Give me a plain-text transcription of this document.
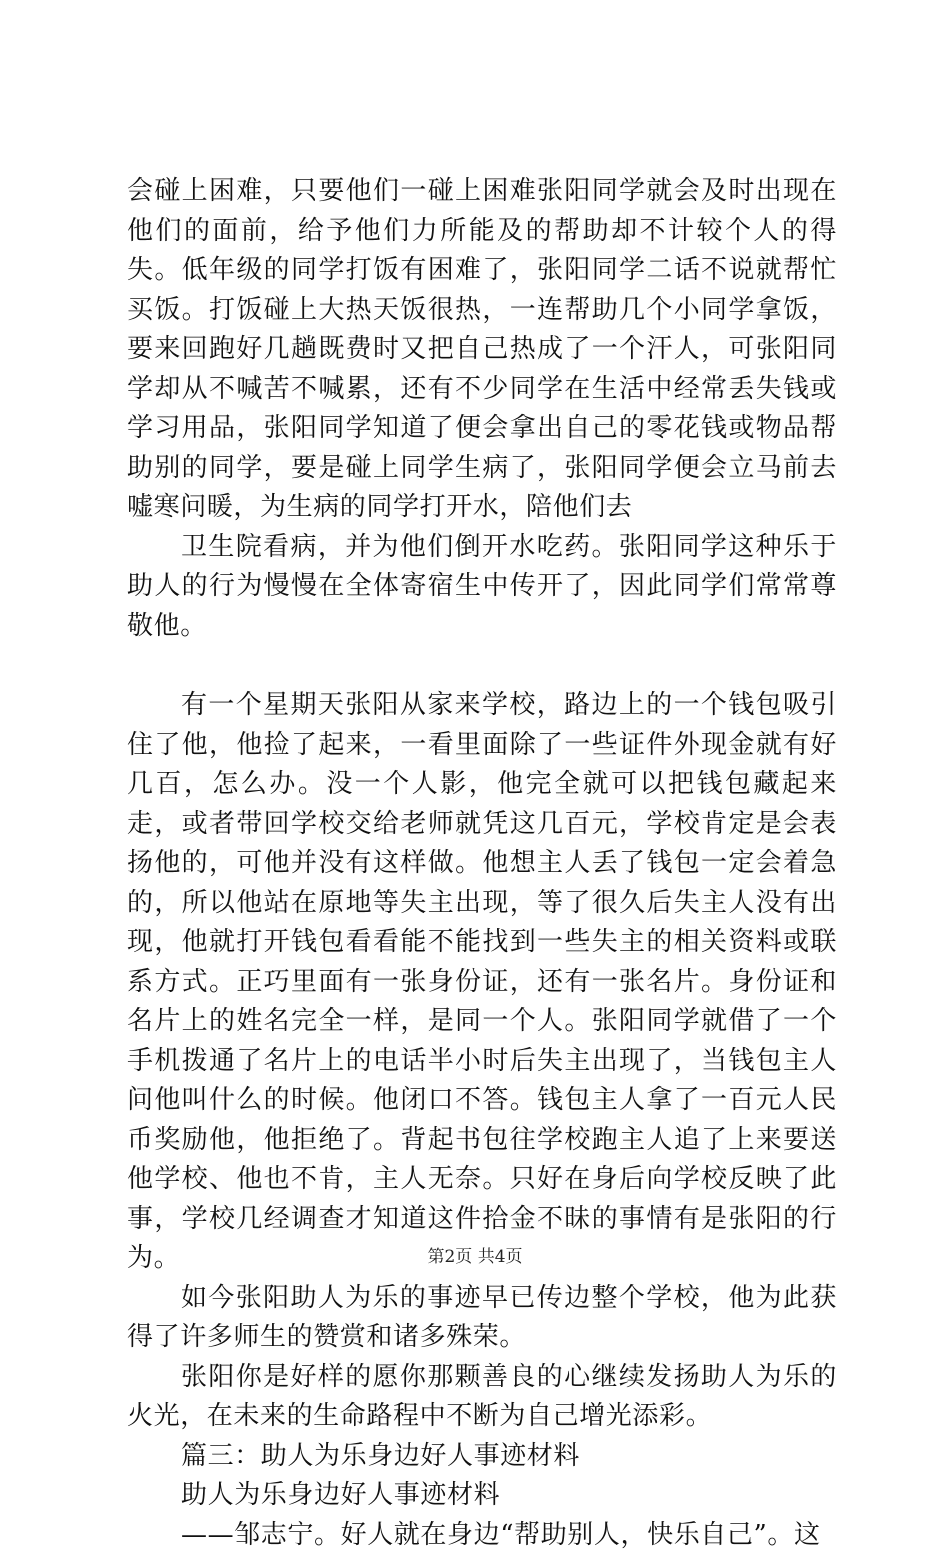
会碰上困难，只要他们一碰上困难张阳同学就会及时出现在他们的面前，给予他们力所能及的帮助却不计较个人的得失。低年级的同学打饭有困难了，张阳同学二话不说就帮忙买饭。打饭碰上大热天饭很热，一连帮助几个小同学拿饭，要来回跑好几趟既费时又把自己热成了一个汗人，可张阳同学却从不喊苦不喊累，还有不少同学在生活中经常丢失钱或学习用品，张阳同学知道了便会拿出自己的零花钱或物品帮助别的同学，要是碰上同学生病了，张阳同学便会立马前去嘘寒问暖，为生病的同学打开水，陪他们去

卫生院看病，并为他们倒开水吃药。张阳同学这种乐于助人的行为慢慢在全体寄宿生中传开了，因此同学们常常尊敬他。

有一个星期天张阳从家来学校，路边上的一个钱包吸引住了他，他捡了起来，一看里面除了一些证件外现金就有好几百，怎么办。没一个人影，他完全就可以把钱包藏起来走，或者带回学校交给老师就凭这几百元，学校肯定是会表扬他的，可他并没有这样做。他想主人丢了钱包一定会着急的，所以他站在原地等失主出现，等了很久后失主人没有出现，他就打开钱包看看能不能找到一些失主的相关资料或联系方式。正巧里面有一张身份证，还有一张名片。身份证和名片上的姓名完全一样，是同一个人。张阳同学就借了一个手机拨通了名片上的电话半小时后失主出现了，当钱包主人问他叫什么的时候。他闭口不答。钱包主人拿了一百元人民币奖励他，他拒绝了。背起书包往学校跑主人追了上来要送他学校、他也不肯，主人无奈。只好在身后向学校反映了此事，学校几经调查才知道这件拾金不昧的事情有是张阳的行为。

如今张阳助人为乐的事迹早已传边整个学校，他为此获得了许多师生的赞赏和诸多殊荣。

张阳你是好样的愿你那颗善良的心继续发扬助人为乐的火光，在未来的生命路程中不断为自己增光添彩。

篇三：助人为乐身边好人事迹材料

助人为乐身边好人事迹材料

——邹志宁。好人就在身边“帮助别人，快乐自己”。这

第2页 共4页
